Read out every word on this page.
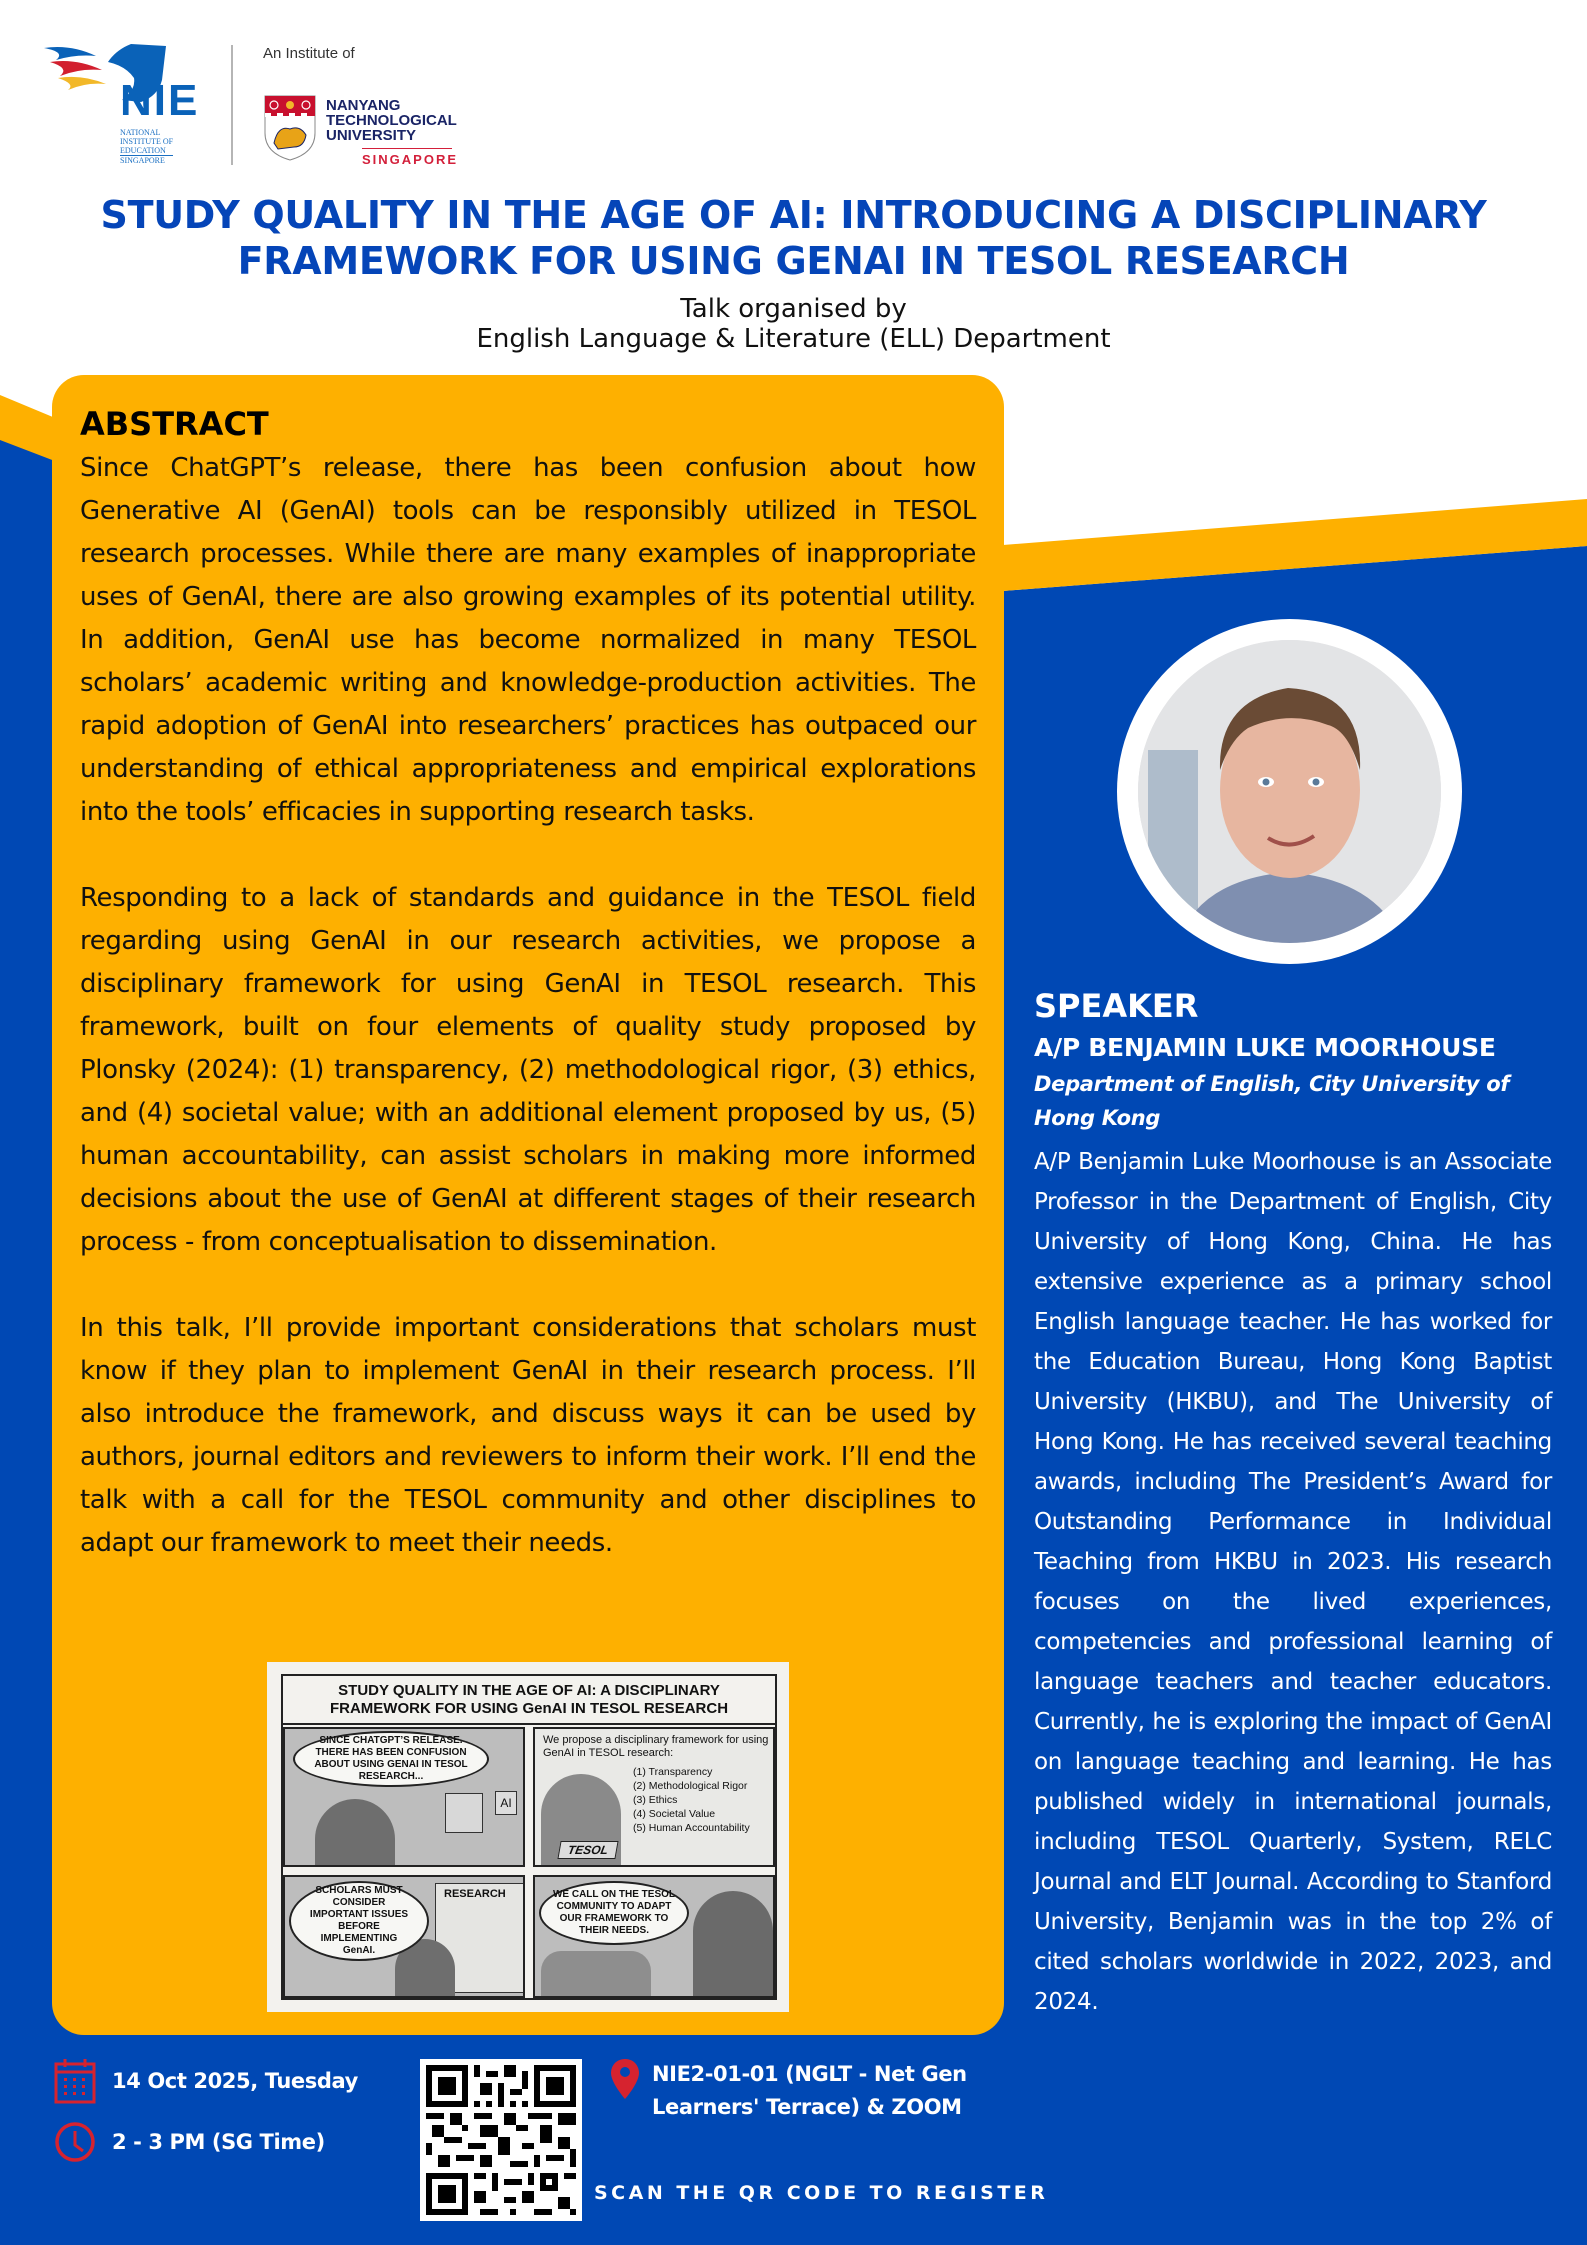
NIE
NATIONAL
INSTITUTE OF
EDUCATION
SINGAPORE
An Institute of
NANYANG
TECHNOLOGICAL
UNIVERSITY
SINGAPORE
STUDY QUALITY IN THE AGE OF AI: INTRODUCING A DISCIPLINARY
FRAMEWORK FOR USING GENAI IN TESOL RESEARCH
Talk organised by
English Language & Literature (ELL) Department
ABSTRACT

Since ChatGPT’s release, there has been confusion about how Generative AI (GenAI) tools can be responsibly utilized in TESOL research processes. While there are many examples of inappropriate uses of GenAI, there are also growing examples of its potential utility. In addition, GenAI use has become normalized in many TESOL scholars’ academic writing and knowledge-production activities. The rapid adoption of GenAI into researchers’ practices has outpaced our understanding of ethical appropriateness and empirical explorations into the tools’ efficacies in supporting research tasks.

Responding to a lack of standards and guidance in the TESOL field regarding using GenAI in our research activities, we propose a disciplinary framework for using GenAI in TESOL research. This framework, built on four elements of quality study proposed by Plonsky (2024): (1) transparency, (2) methodological rigor, (3) ethics, and (4) societal value; with an additional element proposed by us, (5) human accountability, can assist scholars in making more informed decisions about the use of GenAI at different stages of their research process - from conceptualisation to dissemination.

In this talk, I’ll provide important considerations that scholars must know if they plan to implement GenAI in their research process. I’ll also introduce the framework, and discuss ways it can be used by authors, journal editors and reviewers to inform their work. I’ll end the talk with a call for the TESOL community and other disciplines to adapt our framework to meet their needs.

STUDY QUALITY IN THE AGE OF AI: A DISCIPLINARY
FRAMEWORK FOR USING GenAI IN TESOL RESEARCH
SINCE CHATGPT’S RELEASE. THERE HAS BEEN CONFUSION ABOUT USING GENAI IN TESOL RESEARCH...
AI
We propose a disciplinary framework for using GenAI in TESOL research:
(1) Transparency
(2) Methodological Rigor
(3) Ethics
(4) Societal Value
(5) Human Accountability
TESOL
RESEARCH
SCHOLARS MUST CONSIDER IMPORTANT ISSUES BEFORE IMPLEMENTING GenAI.
WE CALL ON THE TESOL COMMUNITY TO ADAPT OUR FRAMEWORK TO THEIR NEEDS.
SPEAKER
A/P BENJAMIN LUKE MOORHOUSE
Department of English, City University of Hong Kong
A/P Benjamin Luke Moorhouse is an Associate Professor in the Department of English, City University of Hong Kong, China. He has extensive experience as a primary school English language teacher. He has worked for the Education Bureau, Hong Kong Baptist University (HKBU), and The University of Hong Kong. He has received several teaching awards, including The President’s Award for Outstanding Performance in Individual Teaching from HKBU in 2023. His research focuses on the lived experiences, competencies and professional learning of language teachers and teacher educators. Currently, he is exploring the impact of GenAI on language teaching and learning. He has published widely in international journals, including TESOL Quarterly, System, RELC Journal and ELT Journal. According to Stanford University, Benjamin was in the top 2% of cited scholars worldwide in 2022, 2023, and 2024.
14 Oct 2025, Tuesday
2 - 3 PM (SG Time)
NIE2-01-01 (NGLT - Net Gen
Learners' Terrace) & ZOOM
SCAN THE QR CODE TO REGISTER
